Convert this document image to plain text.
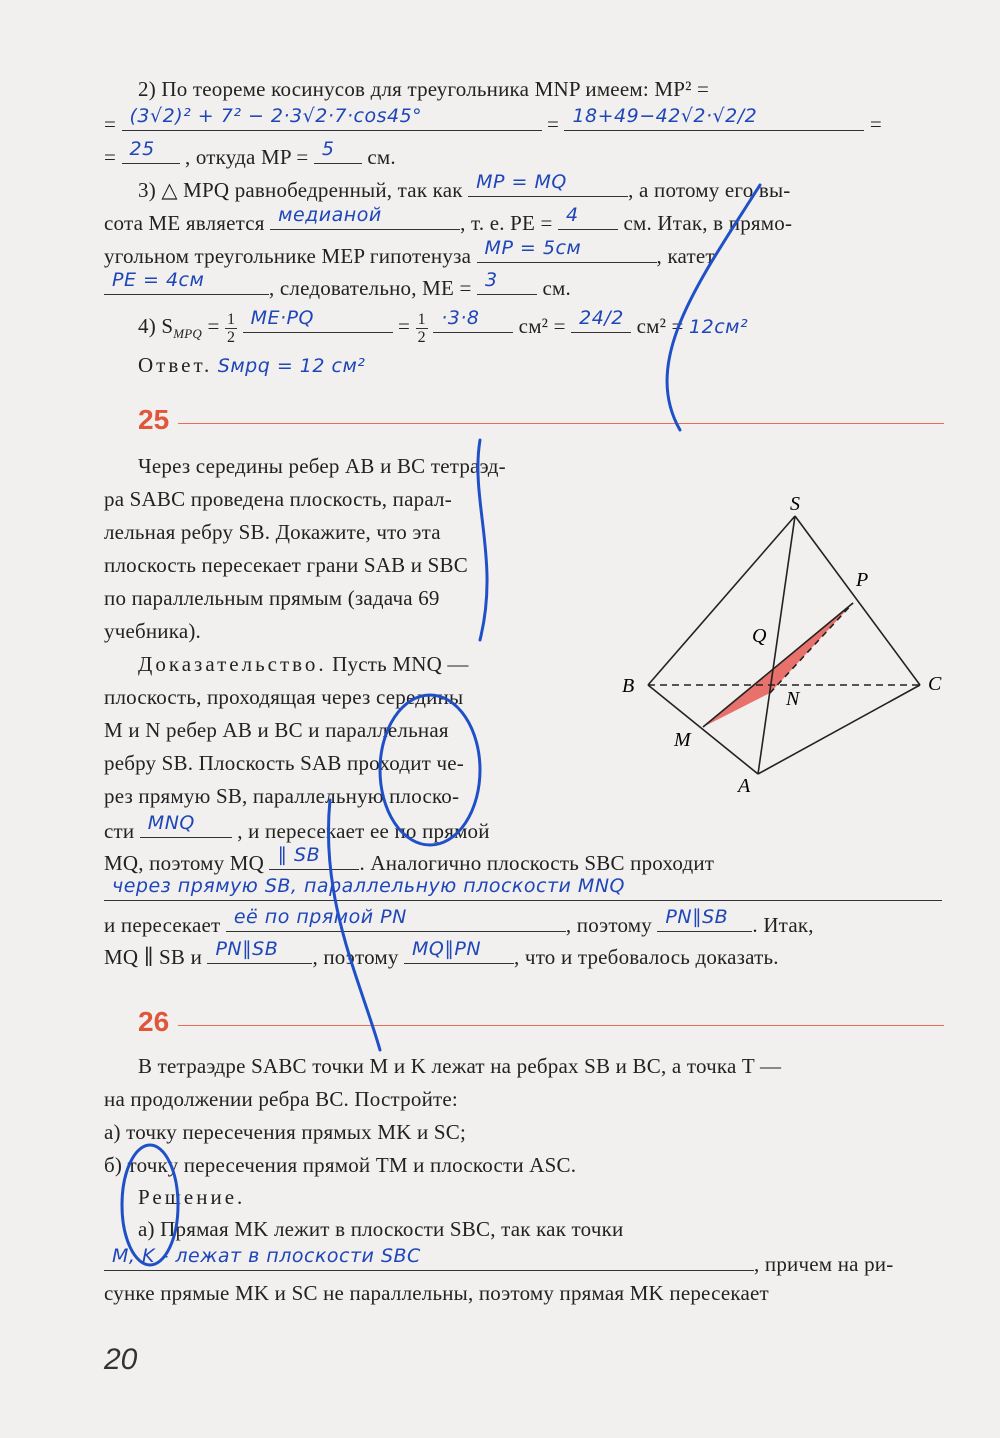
2) По теореме косинусов для треугольника MNP имеем: MP² =
= (3√2)² + 7² − 2·3√2·7·cos45°	= 18+49−42√2·√2/2	=
= 25 , откуда MP = 5 см.
3) △ MPQ равнобедренный, так как MP = MQ	, а потому его вы-
сота ME является медианой	, т. е. PE = 4 см. Итак, в прямо-
угольном треугольнике MEP гипотенуза MP = 5см	, катет
PE = 4см	, следовательно, ME = 3 см.
4) $S_{MPQ} = \frac{1}{2}$
ME·PQ	= $\frac{1}{2}$
·3·8 см² = 24/2 см² = 12см²
Ответ. Sмрq = 12 см²
25
Через середины ребер AB и BC тетраэд-
ра SABC проведена плоскость, парал-
лельная ребру SB. Докажите, что эта
плоскость пересекает грани SAB и SBC
по параллельным прямым (задача 69
учебника).
Доказательство. Пусть MNQ —
плоскость, проходящая через середины
M и N ребер AB и BC и параллельная
ребру SB. Плоскость SAB проходит че-
рез прямую SB, параллельную плоско-
сти MNQ , и пересекает ее по прямой
MQ, поэтому MQ ∥ SB . Аналогично плоскость SBC проходит
через прямую SB, параллельную плоскости MNQ
и пересекает её по прямой PN	, поэтому PN∥SB . Итак,
MQ ∥ SB и PN∥SB , поэтому MQ∥PN , что и требовалось доказать.
S
P
Q
B	C
N
M
A
26
В тетраэдре SABC точки M и K лежат на ребрах SB и BC, а точка T —
на продолжении ребра BC. Постройте:
а) точку пересечения прямых MK и SC;
б) точку пересечения прямой TM и плоскости ASC.
Решение.
а) Прямая MK лежит в плоскости SBC, так как точки
M, K - лежат в плоскости SBC	, причем на ри-
сунке прямые MK и SC не параллельны, поэтому прямая MK пересекает
20
